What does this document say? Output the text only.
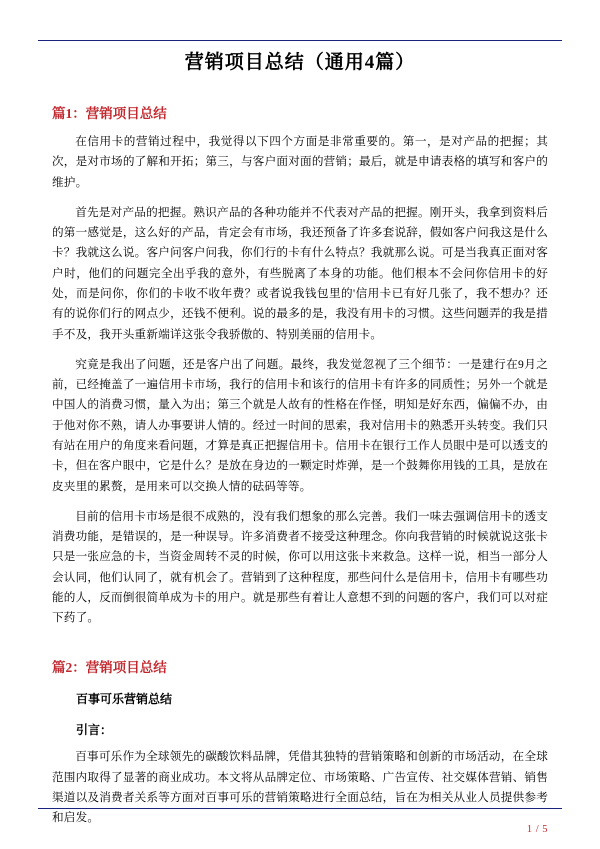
营销项目总结（通用4篇）
篇1：营销项目总结

在信用卡的营销过程中，我觉得以下四个方面是非常重要的。第一，是对产品的把握；其次，是对市场的了解和开拓；第三，与客户面对面的营销；最后，就是申请表格的填写和客户的维护。

首先是对产品的把握。熟识产品的各种功能并不代表对产品的把握。刚开头，我拿到资料后的第一感觉是，这么好的产品，肯定会有市场，我还预备了许多套说辞，假如客户问我这是什么卡？我就这么说。客户问客户问我，你们行的卡有什么特点？我就那么说。可是当我真正面对客户时，他们的问题完全出乎我的意外，有些脱离了本身的功能。他们根本不会问你信用卡的好处，而是问你，你们的卡收不收年费？或者说我钱包里的'信用卡已有好几张了，我不想办？还有的说你们行的网点少，还钱不便利。说的最多的是，我没有用卡的习惯。这些问题弄的我是措手不及，我开头重新端详这张令我骄傲的、特别美丽的信用卡。

究竟是我出了问题，还是客户出了问题。最终，我发觉忽视了三个细节：一是建行在9月之前，已经掩盖了一遍信用卡市场，我行的信用卡和该行的信用卡有许多的同质性；另外一个就是中国人的消费习惯，量入为出；第三个就是人故有的性格在作怪，明知是好东西，偏偏不办，由于他对你不熟，请人办事要讲人情的。经过一时间的思索，我对信用卡的熟悉开头转变。我们只有站在用户的角度来看问题，才算是真正把握信用卡。信用卡在银行工作人员眼中是可以透支的卡，但在客户眼中，它是什么？是放在身边的一颗定时炸弹，是一个鼓舞你用钱的工具，是放在皮夹里的累赘，是用来可以交换人情的砝码等等。

目前的信用卡市场是很不成熟的，没有我们想象的那么完善。我们一味去强调信用卡的透支消费功能，是错误的，是一种误导。许多消费者不接受这种理念。你向我营销的时候就说这张卡只是一张应急的卡，当资金周转不灵的时候，你可以用这张卡来救急。这样一说，相当一部分人会认同，他们认同了，就有机会了。营销到了这种程度，那些问什么是信用卡，信用卡有哪些功能的人，反而倒很简单成为卡的用户。就是那些有着让人意想不到的问题的客户，我们可以对症下药了。

篇2：营销项目总结
百事可乐营销总结
引言：

百事可乐作为全球领先的碳酸饮料品牌，凭借其独特的营销策略和创新的市场活动，在全球范围内取得了显著的商业成功。本文将从品牌定位、市场策略、广告宣传、社交媒体营销、销售渠道以及消费者关系等方面对百事可乐的营销策略进行全面总结，旨在为相关从业人员提供参考和启发。

1 / 5
